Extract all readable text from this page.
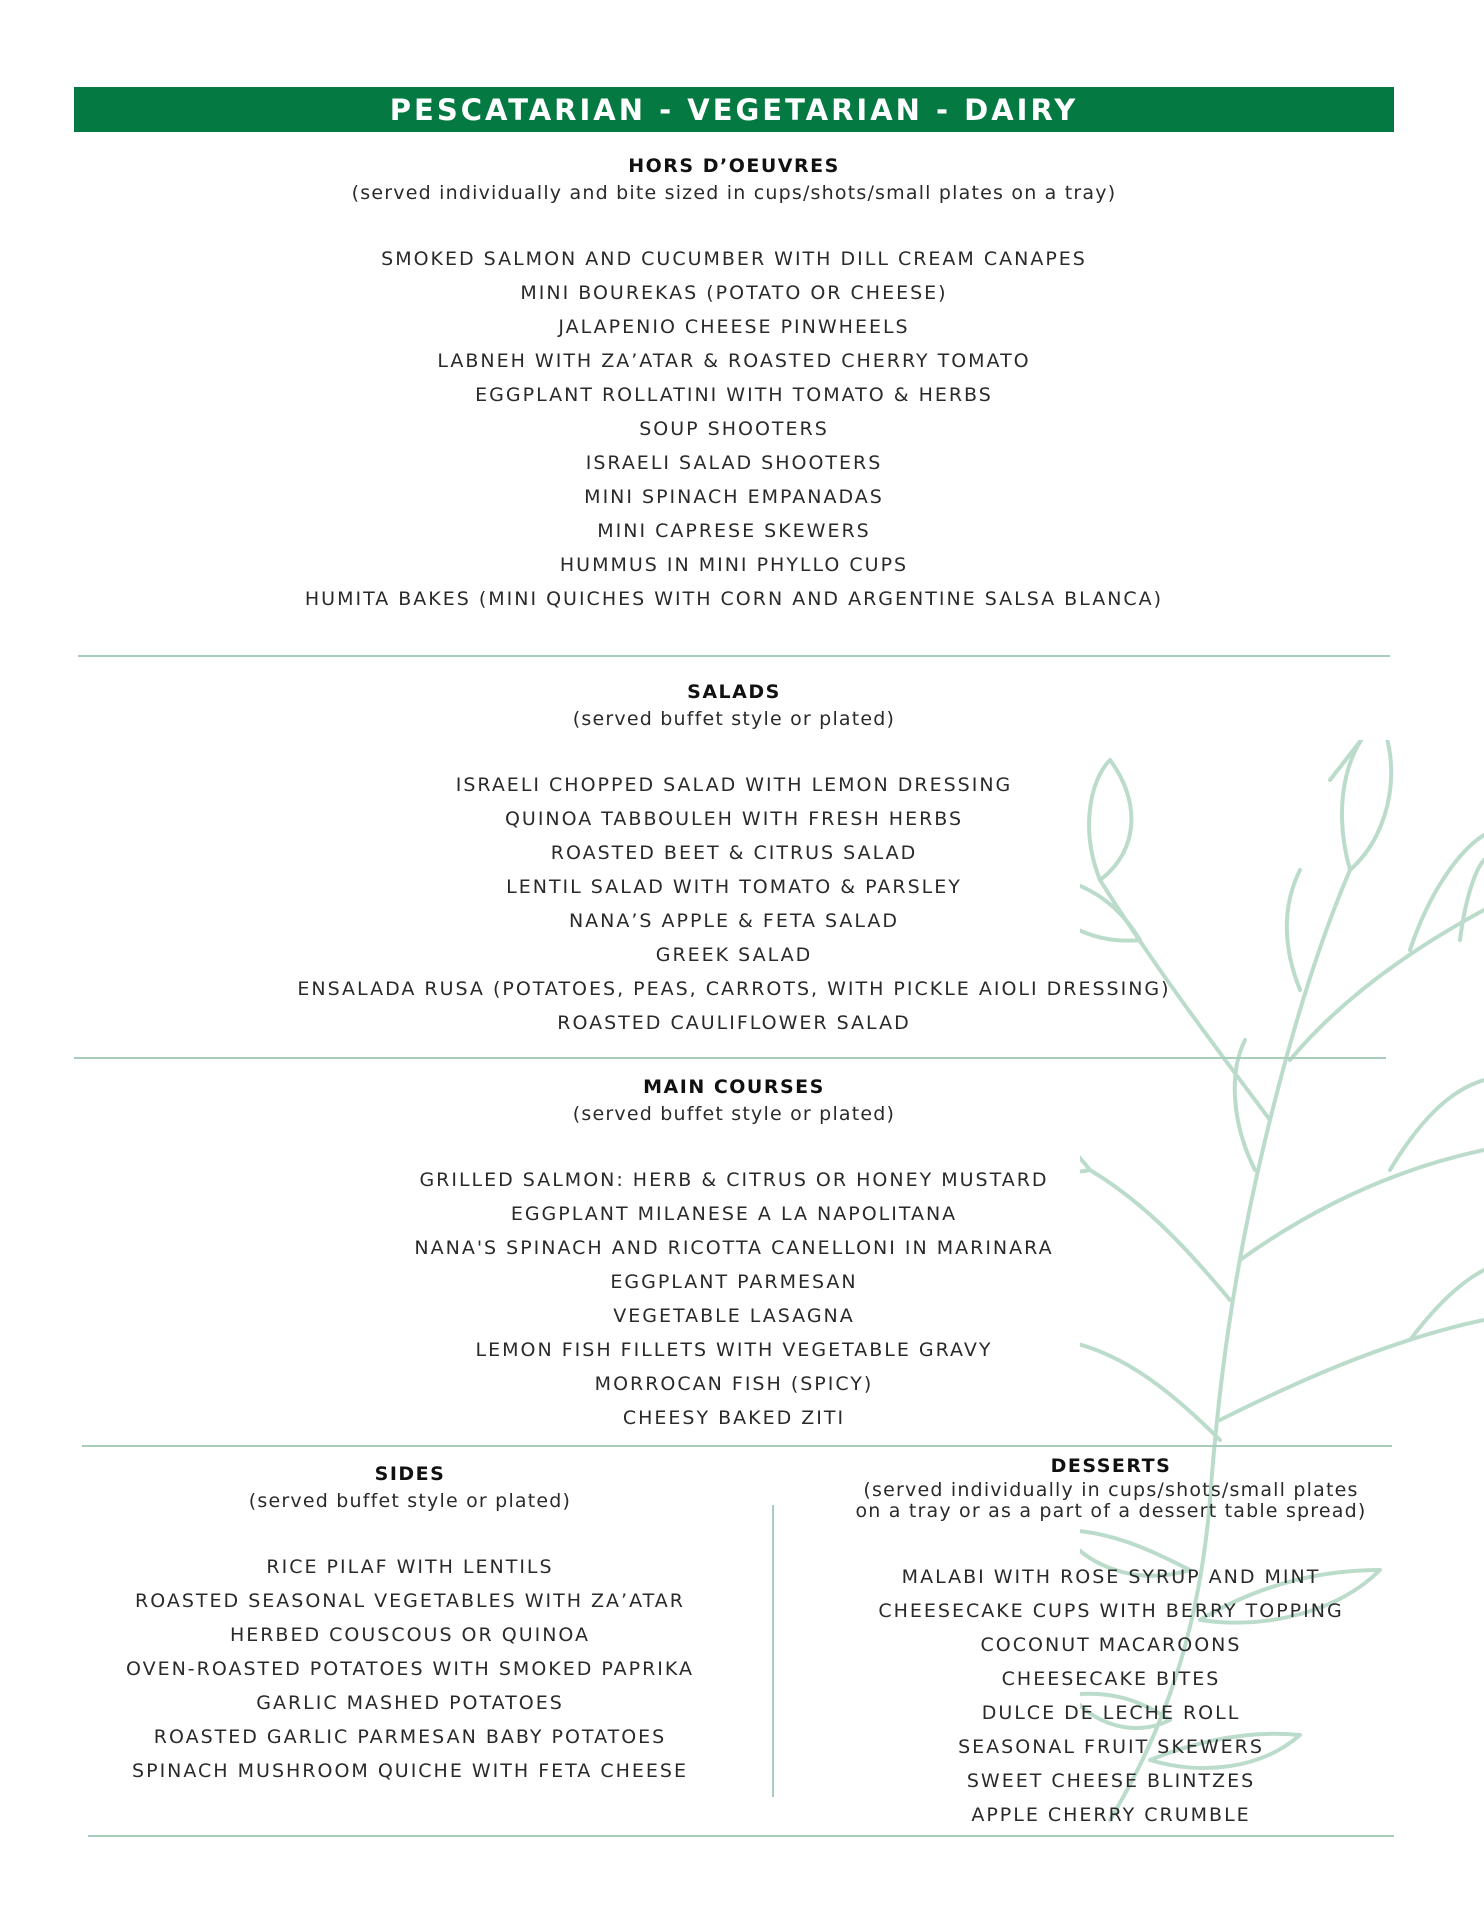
PESCATARIAN - VEGETARIAN - DAIRY
HORS D’OEUVRES
(served individually and bite sized in cups/shots/small plates on a tray)
SMOKED SALMON AND CUCUMBER WITH DILL CREAM CANAPES
MINI BOUREKAS (POTATO OR CHEESE)
JALAPENIO CHEESE PINWHEELS
LABNEH WITH ZA’ATAR & ROASTED CHERRY TOMATO
EGGPLANT ROLLATINI WITH TOMATO & HERBS
SOUP SHOOTERS
ISRAELI SALAD SHOOTERS
MINI SPINACH EMPANADAS
MINI CAPRESE SKEWERS
HUMMUS IN MINI PHYLLO CUPS
HUMITA BAKES (MINI QUICHES WITH CORN AND ARGENTINE SALSA BLANCA)
SALADS
(served buffet style or plated)
ISRAELI CHOPPED SALAD WITH LEMON DRESSING
QUINOA TABBOULEH WITH FRESH HERBS
ROASTED BEET & CITRUS SALAD
LENTIL SALAD WITH TOMATO & PARSLEY
NANA’S APPLE & FETA SALAD
GREEK SALAD
ENSALADA RUSA (POTATOES, PEAS, CARROTS, WITH PICKLE AIOLI DRESSING)
ROASTED CAULIFLOWER SALAD
MAIN COURSES
(served buffet style or plated)
GRILLED SALMON: HERB & CITRUS OR HONEY MUSTARD
EGGPLANT MILANESE A LA NAPOLITANA
NANA'S SPINACH AND RICOTTA CANELLONI IN MARINARA
EGGPLANT PARMESAN
VEGETABLE LASAGNA
LEMON FISH FILLETS WITH VEGETABLE GRAVY
MORROCAN FISH (SPICY)
CHEESY BAKED ZITI
SIDES
(served buffet style or plated)
RICE PILAF WITH LENTILS
ROASTED SEASONAL VEGETABLES WITH ZA’ATAR
HERBED COUSCOUS OR QUINOA
OVEN-ROASTED POTATOES WITH SMOKED PAPRIKA
GARLIC MASHED POTATOES
ROASTED GARLIC PARMESAN BABY POTATOES
SPINACH MUSHROOM QUICHE WITH FETA CHEESE
DESSERTS
(served individually in cups/shots/small plates
on a tray or as a part of a dessert table spread)
MALABI WITH ROSE SYRUP AND MINT
CHEESECAKE CUPS WITH BERRY TOPPING
COCONUT MACAROONS
CHEESECAKE BITES
DULCE DE LECHE ROLL
SEASONAL FRUIT SKEWERS
SWEET CHEESE BLINTZES
APPLE CHERRY CRUMBLE
